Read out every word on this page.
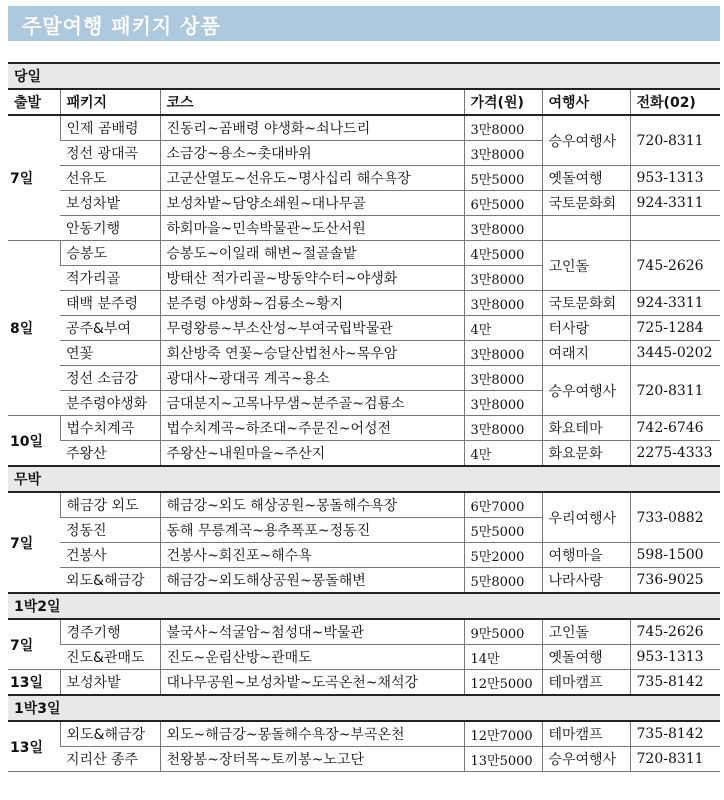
주말여행 패키지 상품
당일					
출발	패키지	코스	가격(원)	여행사	전화(02)
7일	인제 곰배령	진동리~곰배령 야생화~쇠나드리	3만8000	승우여행사	720-8311
	정선 광대곡	소금강~용소~촛대바위	3만8000		
	선유도	고군산열도~선유도~명사십리 해수욕장	5만5000	옛돌여행	953-1313
	보성차밭	보성차밭~담양소쇄원~대나무골	6만5000	국토문화회	924-3311
	안동기행	하회마을~민속박물관~도산서원	3만8000		
8일	승봉도	승봉도~이일래 해변~절골솔밭	4만5000	고인돌	745-2626
	적가리골	방태산 적가리골~방동약수터~야생화	3만8000		
	태백 분주령	분주령 야생화~검룡소~황지	3만8000	국토문화회	924-3311
	공주&부여	무령왕릉~부소산성~부여국립박물관	4만	터사랑	725-1284
	연꽃	회산방죽 연꽃~승달산법천사~목우암	3만8000	여래지	3445-0202
	정선 소금강	광대사~광대곡 계곡~용소	3만8000	승우여행사	720-8311
	분주령야생화	금대분지~고목나무샘~분주골~검룡소	3만8000		
10일	법수치계곡	법수치계곡~하조대~주문진~어성전	3만8000	화요테마	742-6746
	주왕산	주왕산~내원마을~주산지	4만	화요문화	2275-4333
무박					
7일	해금강 외도	해금강~외도 해상공원~몽돌해수욕장	6만7000	우리여행사	733-0882
	정동진	동해 무릉계곡~용추폭포~정동진	5만5000		
	건봉사	건봉사~회진포~해수욕	5만2000	여행마을	598-1500
	외도&해금강	해금강~외도해상공원~몽돌해변	5만8000	나라사랑	736-9025
1박2일					
7일	경주기행	불국사~석굴암~첨성대~박물관	9만5000	고인돌	745-2626
	진도&관매도	진도~운림산방~관매도	14만	옛돌여행	953-1313
13일	보성차밭	대나무공원~보성차밭~도곡온천~채석강	12만5000	테마캠프	735-8142
1박3일					
13일	외도&해금강	외도~해금강~몽돌해수욕장~부곡온천	12만7000	테마캠프	735-8142
	지리산 종주	천왕봉~장터목~토끼봉~노고단	13만5000	승우여행사	720-8311
